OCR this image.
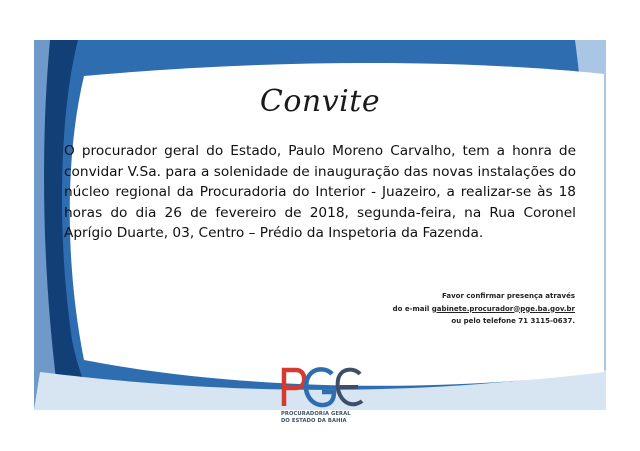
Convite
O procurador geral do Estado, Paulo Moreno Carvalho, tem a honra de convidar V.Sa. para a solenidade de inauguração das novas instalações do núcleo regional da Procuradoria do Interior - Juazeiro, a realizar-se às 18 horas do dia 26 de fevereiro de 2018, segunda-feira, na Rua Coronel Aprígio Duarte, 03, Centro – Prédio da Inspetoria da Fazenda.
Favor confirmar presença através
do e-mail gabinete.procurador@pge.ba.gov.br
ou pelo telefone 71 3115-0637.
PROCURADORIA GERAL
DO ESTADO DA BAHIA
